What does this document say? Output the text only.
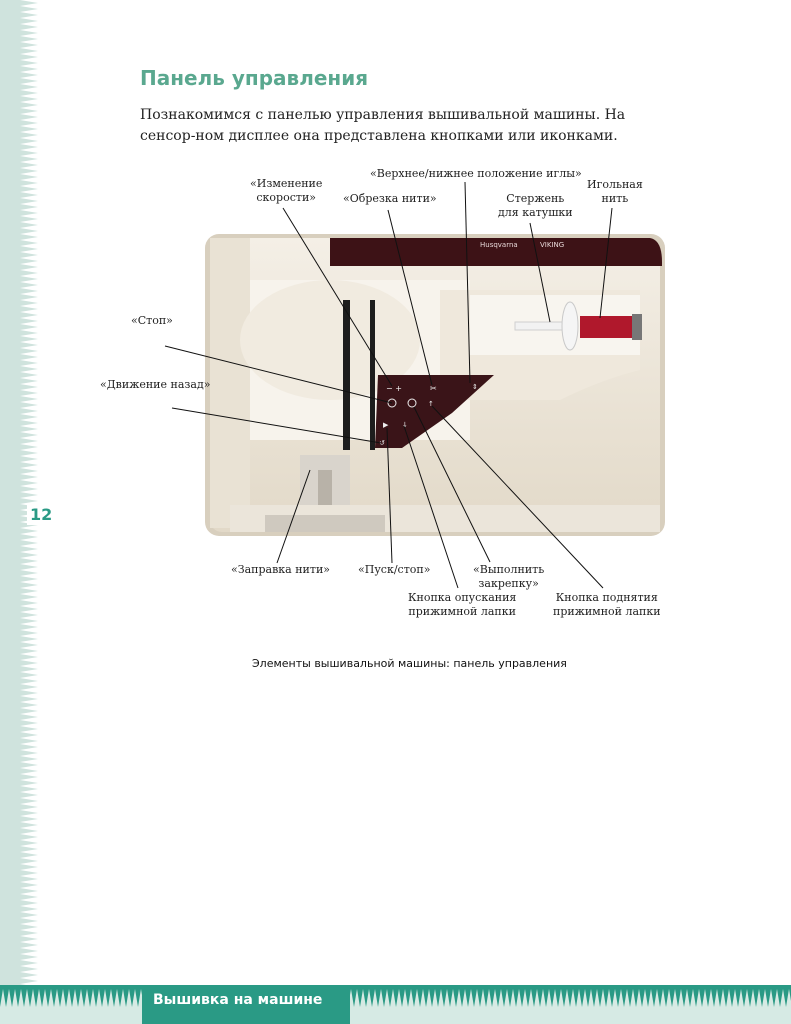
12
Панель управления

Познакомимся с панелью управления вышивальной машины. На сенсор-ном дисплее она представлена кнопками или иконками.

Husqvarna	VIKING
↑
− +	✂	⇕
▶ ↓
↺
«Изменение
скорости»
«Верхнее/нижнее положение иглы»
«Обрезка нити»	Стержень
для катушки
Игольная
нить
«Стоп»
«Движение назад»
«Заправка нити»	«Пуск/стоп»
Кнопка опускания
прижимной лапки
«Выполнить
закрепку»
Кнопка поднятия
прижимной лапки
Элементы вышивальной машины: панель управления
Вышивка на машине
